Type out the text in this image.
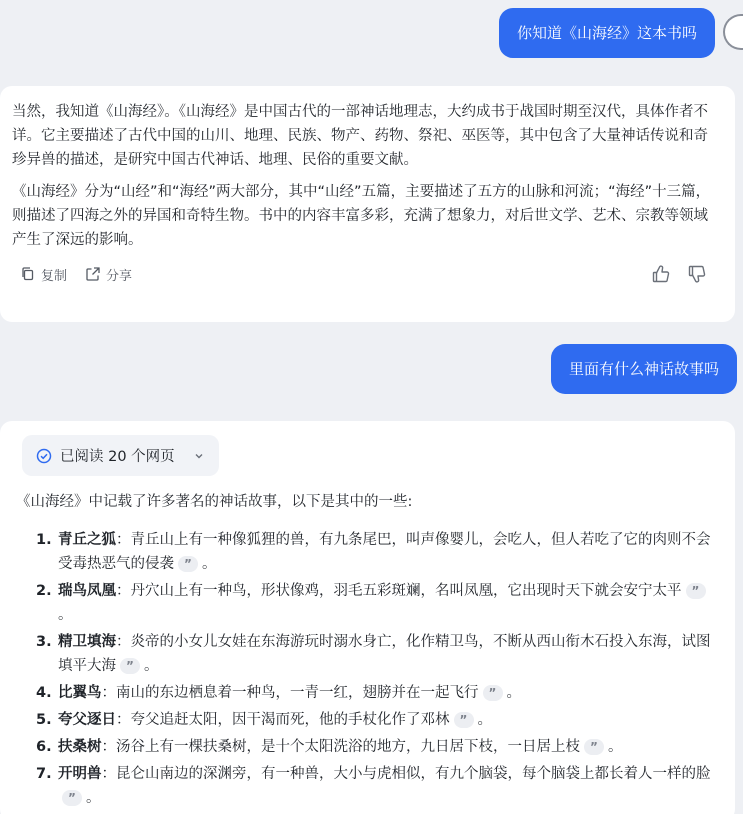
你知道《山海经》这本书吗

当然，我知道《山海经》。《山海经》是中国古代的一部神话地理志，大约成书于战国时期至汉代，具体作者不详。它主要描述了古代中国的山川、地理、民族、物产、药物、祭祀、巫医等，其中包含了大量神话传说和奇珍异兽的描述，是研究中国古代神话、地理、民俗的重要文献。

《山海经》分为“山经”和“海经”两大部分，其中“山经”五篇，主要描述了五方的山脉和河流；“海经”十三篇，则描述了四海之外的异国和奇特生物。书中的内容丰富多彩，充满了想象力，对后世文学、艺术、宗教等领域产生了深远的影响。

复制	分享
里面有什么神话故事吗
已阅读 20 个网页

《山海经》中记载了许多著名的神话故事，以下是其中的一些:

1. 青丘之狐：青丘山上有一种像狐狸的兽，有九条尾巴，叫声像婴儿，会吃人，但人若吃了它的肉则不会受毒热恶气的侵袭 ” 。
2. 瑞鸟凤凰：丹穴山上有一种鸟，形状像鸡，羽毛五彩斑斓，名叫凤凰，它出现时天下就会安宁太平 ”。
3. 精卫填海：炎帝的小女儿女娃在东海游玩时溺水身亡，化作精卫鸟，不断从西山衔木石投入东海，试图填平大海 ” 。
4. 比翼鸟：南山的东边栖息着一种鸟，一青一红，翅膀并在一起飞行 ” 。
5. 夸父逐日：夸父追赶太阳，因干渴而死，他的手杖化作了邓林 ” 。
6. 扶桑树：汤谷上有一棵扶桑树，是十个太阳洗浴的地方，九日居下枝，一日居上枝 ” 。
7. 开明兽：昆仑山南边的深渊旁，有一种兽，大小与虎相似，有九个脑袋，每个脑袋上都长着人一样的脸” 。
